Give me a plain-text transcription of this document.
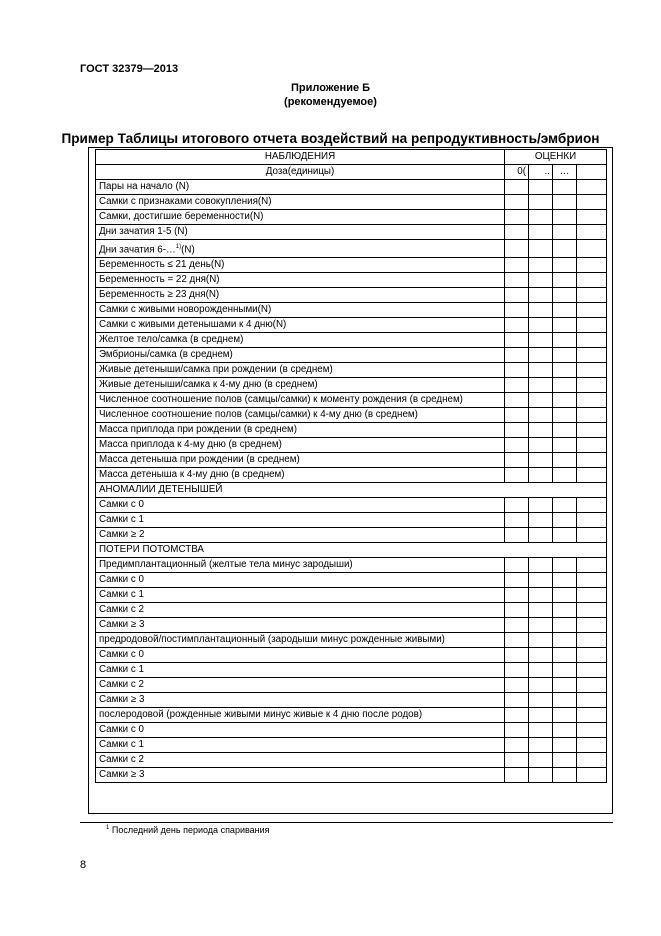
ГОСТ 32379—2013
Приложение Б
(рекомендуемое)
Пример Таблицы итогового отчета воздействий на репродуктивность/эмбрион
НАБЛЮДЕНИЯ	ОЦЕНКИ			
Доза(единицы)	0(	..	…	
Пары на начало (N)				
Самки с признаками совокупления(N)				
Самки, достигшие беременности(N)				
Дни зачатия 1-5 (N)				
Дни зачатия 6-…$^{1)}$(N)				
Беременность ≤ 21 день(N)				
Беременность = 22 дня(N)				
Беременность ≥ 23 дня(N)				
Самки с живыми новорожденными(N)				
Самки с живыми детенышами к 4 дню(N)				
Желтое тело/самка (в среднем)				
Эмбрионы/самка (в среднем)				
Живые детеныши/самка при рождении (в среднем)				
Живые детеныши/самка к 4-му дню (в среднем)				
Численное соотношение полов (самцы/самки) к моменту рождения (в среднем)				
Численное соотношение полов (самцы/самки) к 4-му дню (в среднем)				
Масса приплода при рождении (в среднем)				
Масса приплода к 4-му дню (в среднем)				
Масса детеныша при рождении (в среднем)				
Масса детеныша к 4-му дню (в среднем)				
АНОМАЛИИ ДЕТЕНЫШЕЙ				
Самки с 0				
Самки с 1				
Самки ≥ 2				
ПОТЕРИ ПОТОМСТВА				
Предимплантационный (желтые тела минус зародыши)				
Самки с 0				
Самки с 1				
Самки с 2				
Самки ≥ 3				
предродовой/постимплантационный (зародыши минус рожденные живыми)				
Самки с 0				
Самки с 1				
Самки с 2				
Самки ≥ 3				
послеродовой (рожденные живыми минус живые к 4 дню после родов)				
Самки с 0				
Самки с 1				
Самки с 2				
Самки ≥ 3				
$^1$ Последний день периода спаривания
8
